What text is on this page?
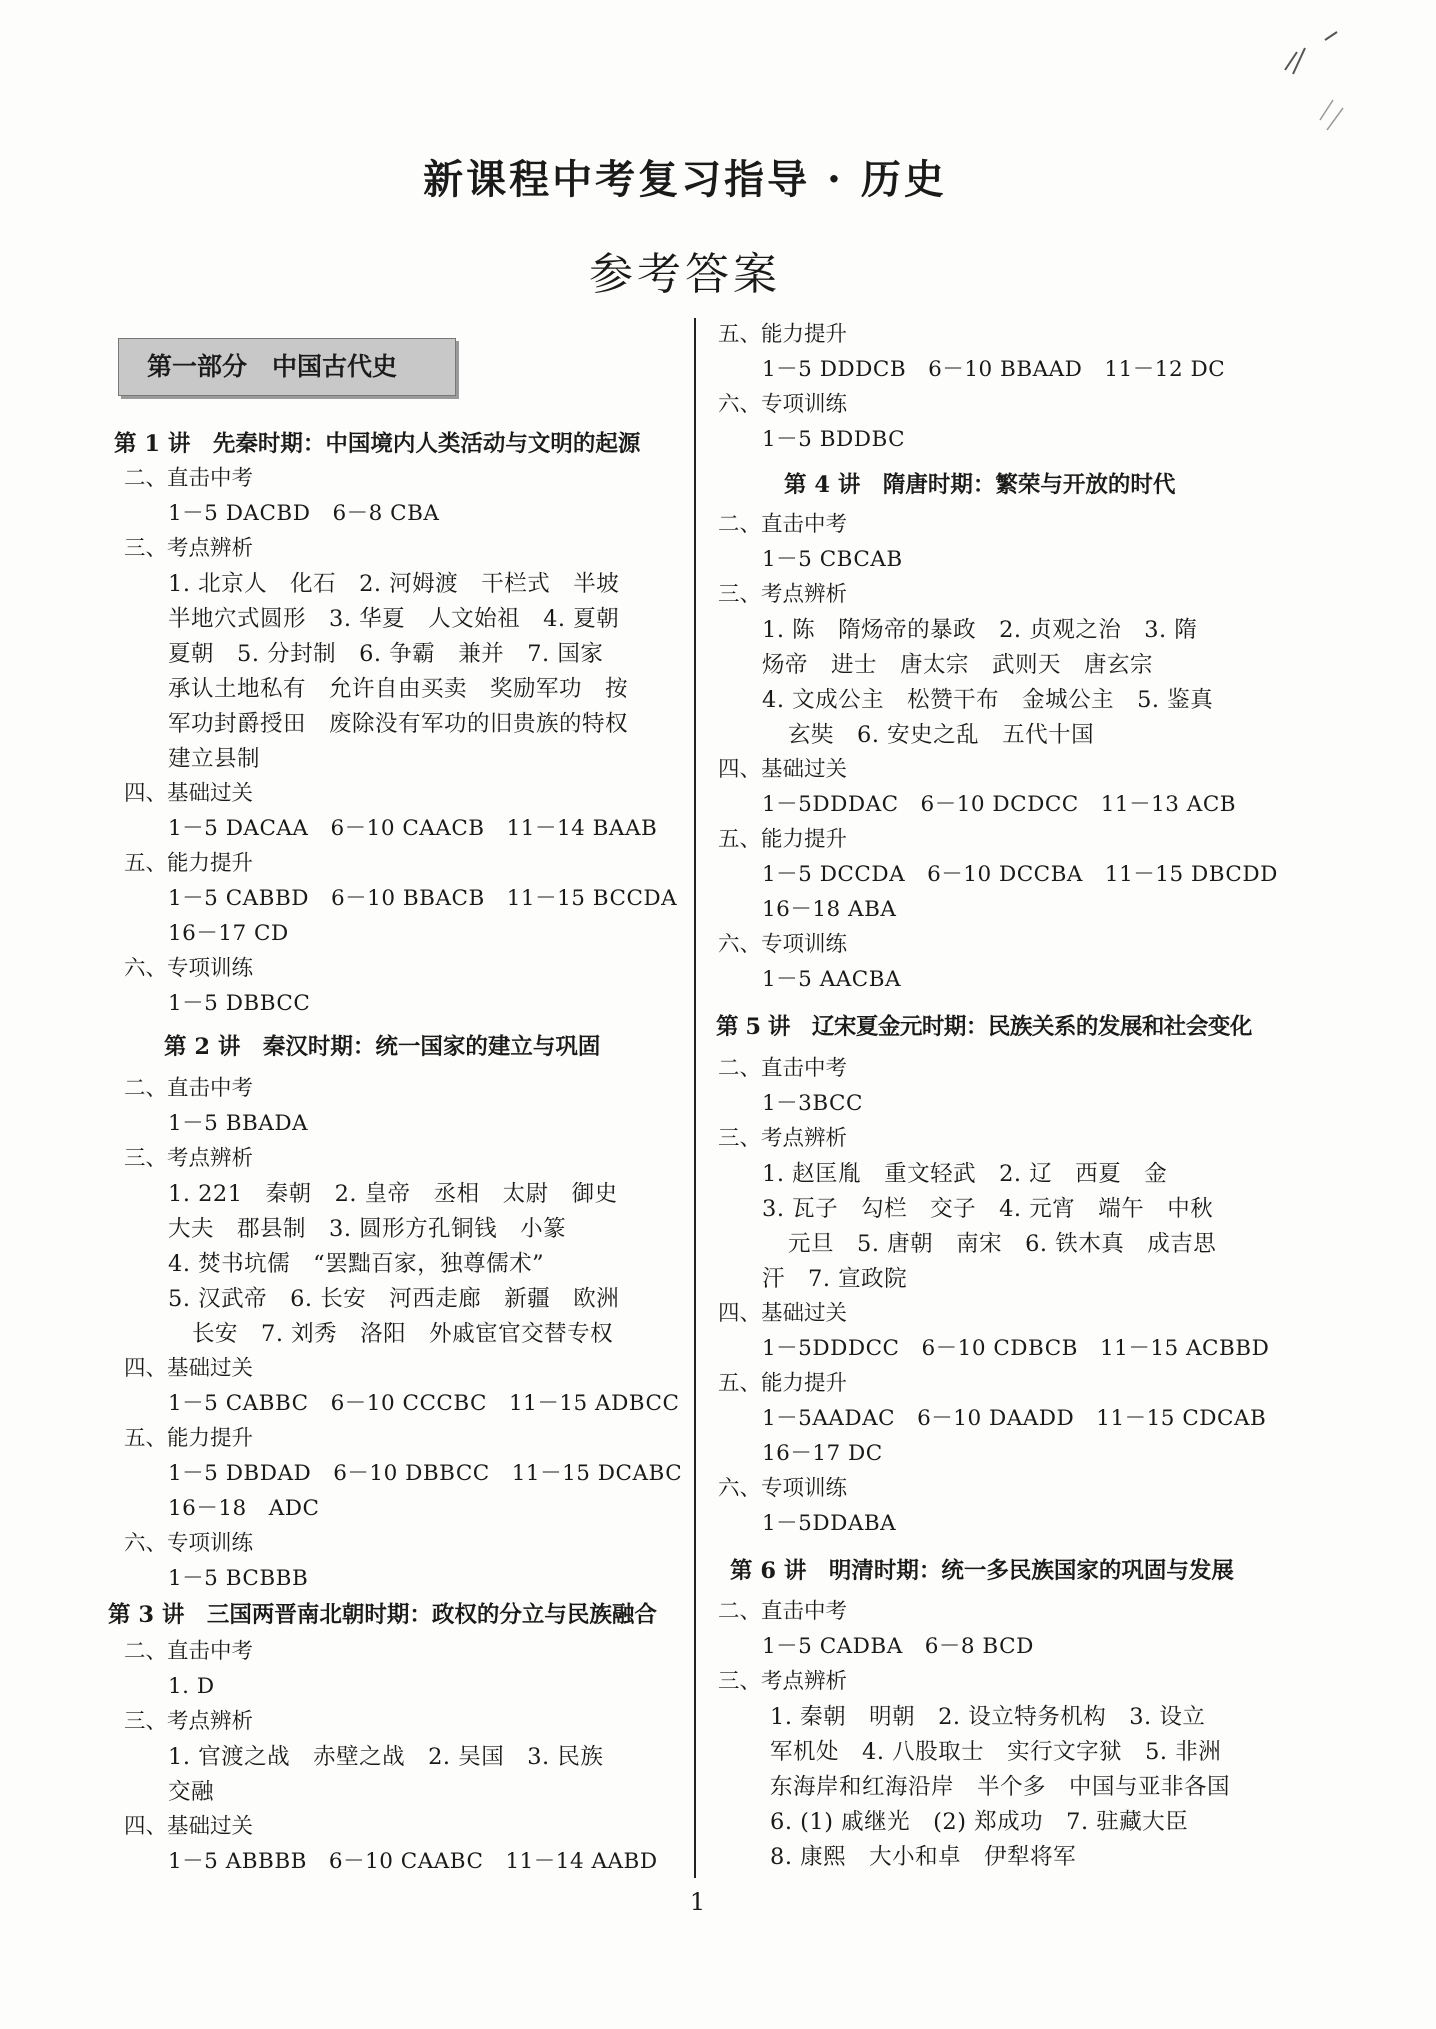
新课程中考复习指导 · 历史
参考答案
第一部分　中国古代史
第 1 讲　先秦时期：中国境内人类活动与文明的起源
二、直击中考
1－5 DACBD　6－8 CBA
三、考点辨析
1. 北京人　化石　2. 河姆渡　干栏式　半坡
半地穴式圆形　3. 华夏　人文始祖　4. 夏朝
夏朝　5. 分封制　6. 争霸　兼并　7. 国家
承认土地私有　允许自由买卖　奖励军功　按
军功封爵授田　废除没有军功的旧贵族的特权
建立县制
四、基础过关
1－5 DACAA　6－10 CAACB　11－14 BAAB
五、能力提升
1－5 CABBD　6－10 BBACB　11－15 BCCDA
16－17 CD
六、专项训练
1－5 DBBCC
第 2 讲　秦汉时期：统一国家的建立与巩固
二、直击中考
1－5 BBADA
三、考点辨析
1. 221　秦朝　2. 皇帝　丞相　太尉　御史
大夫　郡县制　3. 圆形方孔铜钱　小篆
4. 焚书坑儒　“罢黜百家，独尊儒术”
5. 汉武帝　6. 长安　河西走廊　新疆　欧洲
长安　7. 刘秀　洛阳　外戚宦官交替专权
四、基础过关
1－5 CABBC　6－10 CCCBC　11－15 ADBCC
五、能力提升
1－5 DBDAD　6－10 DBBCC　11－15 DCABC
16－18　ADC
六、专项训练
1－5 BCBBB
第 3 讲　三国两晋南北朝时期：政权的分立与民族融合
二、直击中考
1. D
三、考点辨析
1. 官渡之战　赤壁之战　2. 吴国　3. 民族
交融
四、基础过关
1－5 ABBBB　6－10 CAABC　11－14 AABD
五、能力提升
1－5 DDDCB　6－10 BBAAD　11－12 DC
六、专项训练
1－5 BDDBC
第 4 讲　隋唐时期：繁荣与开放的时代
二、直击中考
1－5 CBCAB
三、考点辨析
1. 陈　隋炀帝的暴政　2. 贞观之治　3. 隋
炀帝　进士　唐太宗　武则天　唐玄宗
4. 文成公主　松赞干布　金城公主　5. 鉴真
玄奘　6. 安史之乱　五代十国
四、基础过关
1－5DDDAC　6－10 DCDCC　11－13 ACB
五、能力提升
1－5 DCCDA　6－10 DCCBA　11－15 DBCDD
16－18 ABA
六、专项训练
1－5 AACBA
第 5 讲　辽宋夏金元时期：民族关系的发展和社会变化
二、直击中考
1－3BCC
三、考点辨析
1. 赵匡胤　重文轻武　2. 辽　西夏　金
3. 瓦子　勾栏　交子　4. 元宵　端午　中秋
元旦　5. 唐朝　南宋　6. 铁木真　成吉思
汗　7. 宣政院
四、基础过关
1－5DDDCC　6－10 CDBCB　11－15 ACBBD
五、能力提升
1－5AADAC　6－10 DAADD　11－15 CDCAB
16－17 DC
六、专项训练
1－5DDABA
第 6 讲　明清时期：统一多民族国家的巩固与发展
二、直击中考
1－5 CADBA　6－8 BCD
三、考点辨析
1. 秦朝　明朝　2. 设立特务机构　3. 设立
军机处　4. 八股取士　实行文字狱　5. 非洲
东海岸和红海沿岸　半个多　中国与亚非各国
6. (1) 戚继光　(2) 郑成功　7. 驻藏大臣
8. 康熙　大小和卓　伊犁将军
1
